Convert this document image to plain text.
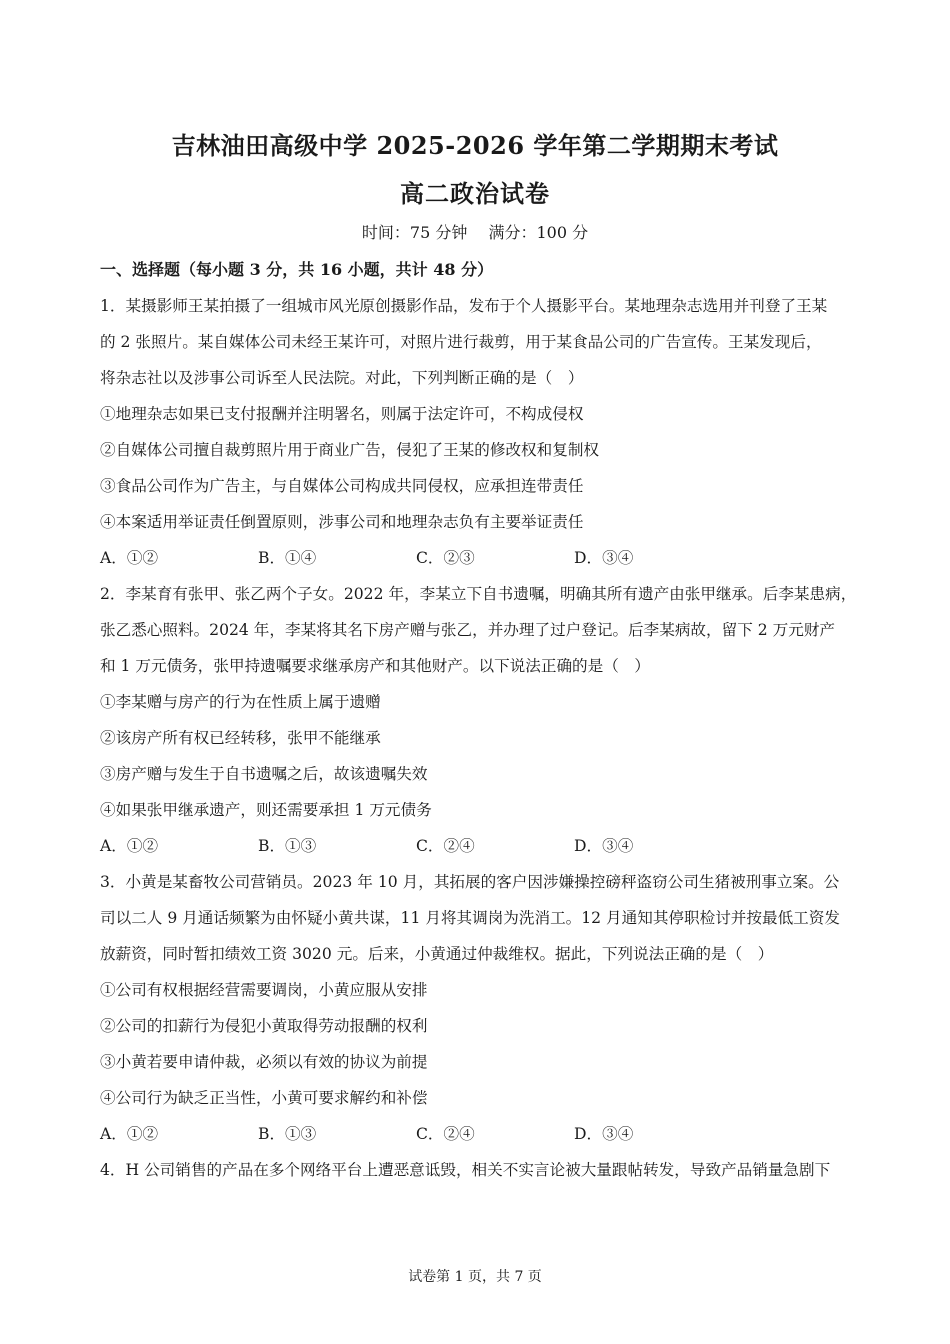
吉林油田高级中学 2025-2026 学年第二学期期末考试
高二政治试卷
时间：75 分钟 满分：100 分
一、选择题（每小题 3 分，共 16 小题，共计 48 分）
1．某摄影师王某拍摄了一组城市风光原创摄影作品，发布于个人摄影平台。某地理杂志选用并刊登了王某
的 2 张照片。某自媒体公司未经王某许可，对照片进行裁剪，用于某食品公司的广告宣传。王某发现后，
将杂志社以及涉事公司诉至人民法院。对此，下列判断正确的是（　）
①地理杂志如果已支付报酬并注明署名，则属于法定许可，不构成侵权
②自媒体公司擅自裁剪照片用于商业广告，侵犯了王某的修改权和复制权
③食品公司作为广告主，与自媒体公司构成共同侵权，应承担连带责任
④本案适用举证责任倒置原则，涉事公司和地理杂志负有主要举证责任
A．①②	B．①④	C．②③	D．③④
2．李某育有张甲、张乙两个子女。2022 年，李某立下自书遗嘱，明确其所有遗产由张甲继承。后李某患病，
张乙悉心照料。2024 年，李某将其名下房产赠与张乙，并办理了过户登记。后李某病故，留下 2 万元财产
和 1 万元债务，张甲持遗嘱要求继承房产和其他财产。以下说法正确的是（　）
①李某赠与房产的行为在性质上属于遗赠
②该房产所有权已经转移，张甲不能继承
③房产赠与发生于自书遗嘱之后，故该遗嘱失效
④如果张甲继承遗产，则还需要承担 1 万元债务
A．①②	B．①③	C．②④	D．③④
3．小黄是某畜牧公司营销员。2023 年 10 月，其拓展的客户因涉嫌操控磅秤盗窃公司生猪被刑事立案。公
司以二人 9 月通话频繁为由怀疑小黄共谋，11 月将其调岗为洗消工。12 月通知其停职检讨并按最低工资发
放薪资，同时暂扣绩效工资 3020 元。后来，小黄通过仲裁维权。据此，下列说法正确的是（　）
①公司有权根据经营需要调岗，小黄应服从安排
②公司的扣薪行为侵犯小黄取得劳动报酬的权利
③小黄若要申请仲裁，必须以有效的协议为前提
④公司行为缺乏正当性，小黄可要求解约和补偿
A．①②	B．①③	C．②④	D．③④
4．H 公司销售的产品在多个网络平台上遭恶意诋毁，相关不实言论被大量跟帖转发，导致产品销量急剧下
试卷第 1 页，共 7 页
